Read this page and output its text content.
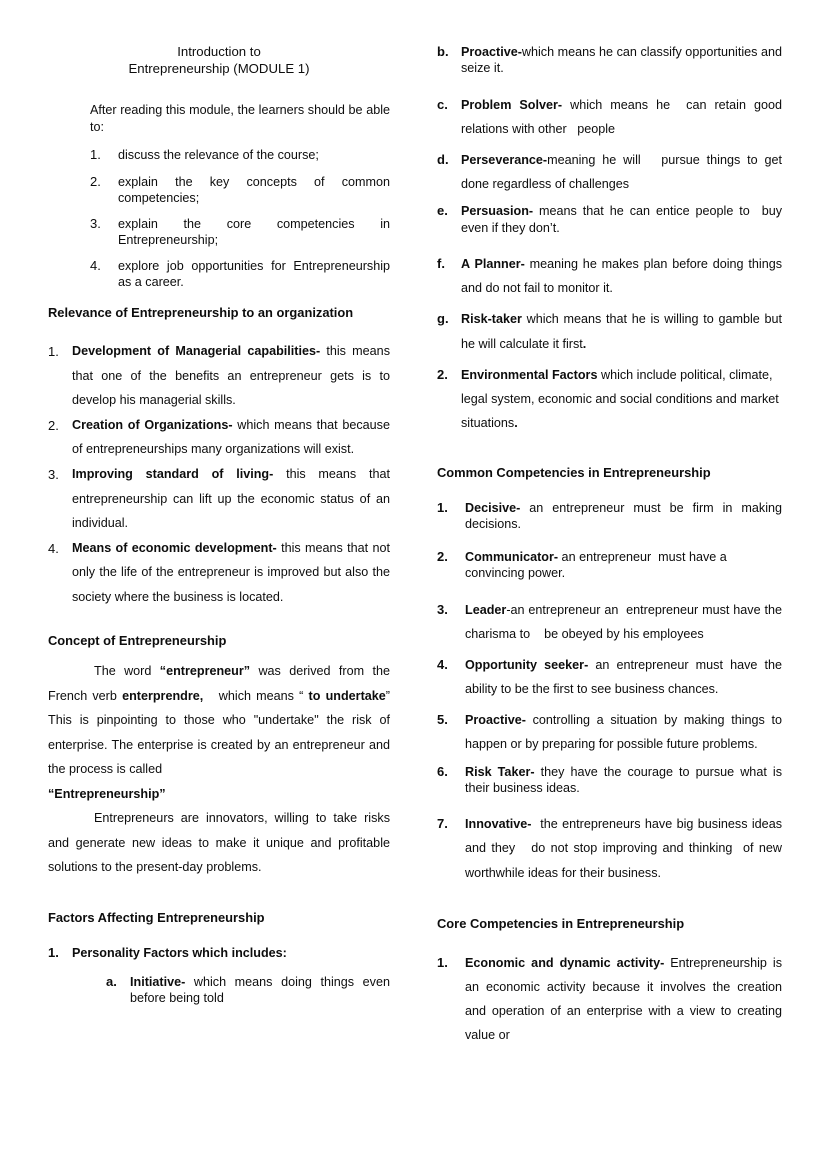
Introduction to
Entrepreneurship (MODULE 1)

After reading this module, the learners should be able to:

1.	discuss the relevance of the course;
2.	explain the key concepts of common competencies;
3.	explain the core competencies in Entrepreneurship;
4.	explore job opportunities for Entrepreneurship as a career.

Relevance of Entrepreneurship to an organization

1.	Development of Managerial capabilities- this means that one of the benefits an entrepreneur gets is to develop his managerial skills.
2.	Creation of Organizations- which means that because of entrepreneurships many organizations will exist.
3.	Improving standard of living- this means that entrepreneurship can lift up the economic status of an individual.
4.	Means of economic development- this means that not only the life of the entrepreneur is improved but also the society where the business is located.

Concept of Entrepreneurship

The word “entrepreneur” was derived from the French verb enterprendre,   which means “ to undertake” This is pinpointing to those who "undertake" the risk of enterprise. The enterprise is created by an entrepreneur and the process is called

“Entrepreneurship”

Entrepreneurs are innovators, willing to take risks and generate new ideas to make it unique and profitable solutions to the present-day problems.

Factors Affecting Entrepreneurship

1.	Personality Factors which includes:
a.	Initiative- which means doing things even before being told
b. Proactive-which means he can classify opportunities and seize it.
c.	Problem Solver- which means he  can retain good relations with other   people
d. Perseverance-meaning he will   pursue things to get done regardless of challenges
e.	Persuasion- means that he can entice people to  buy even if they don’t.
f.	A Planner- meaning he makes plan before doing things and do not fail to monitor it.
g. Risk-taker which means that he is willing to gamble but he will calculate it first.
2.	Environmental Factors which include political, climate, legal system, economic and social conditions and market situations.

Common Competencies in Entrepreneurship

1.	Decisive- an entrepreneur must be firm in making decisions.
2.	Communicator- an entrepreneur  must have a convincing power.
3.	Leader-an entrepreneur an  entrepreneur must have the charisma to    be obeyed by his employees
4.	Opportunity seeker- an entrepreneur must have the ability to be the first to see business chances.
5.	Proactive- controlling a situation by making things to   happen or by preparing for possible future problems.
6.	Risk Taker- they have the courage to pursue what is their business ideas.
7.	Innovative-  the entrepreneurs have big business ideas and they   do not stop improving and thinking  of new  worthwhile ideas for their business.

Core Competencies in Entrepreneurship

1.	Economic and dynamic activity- Entrepreneurship is an economic activity because it involves the creation and operation of an enterprise with a view to creating value or
